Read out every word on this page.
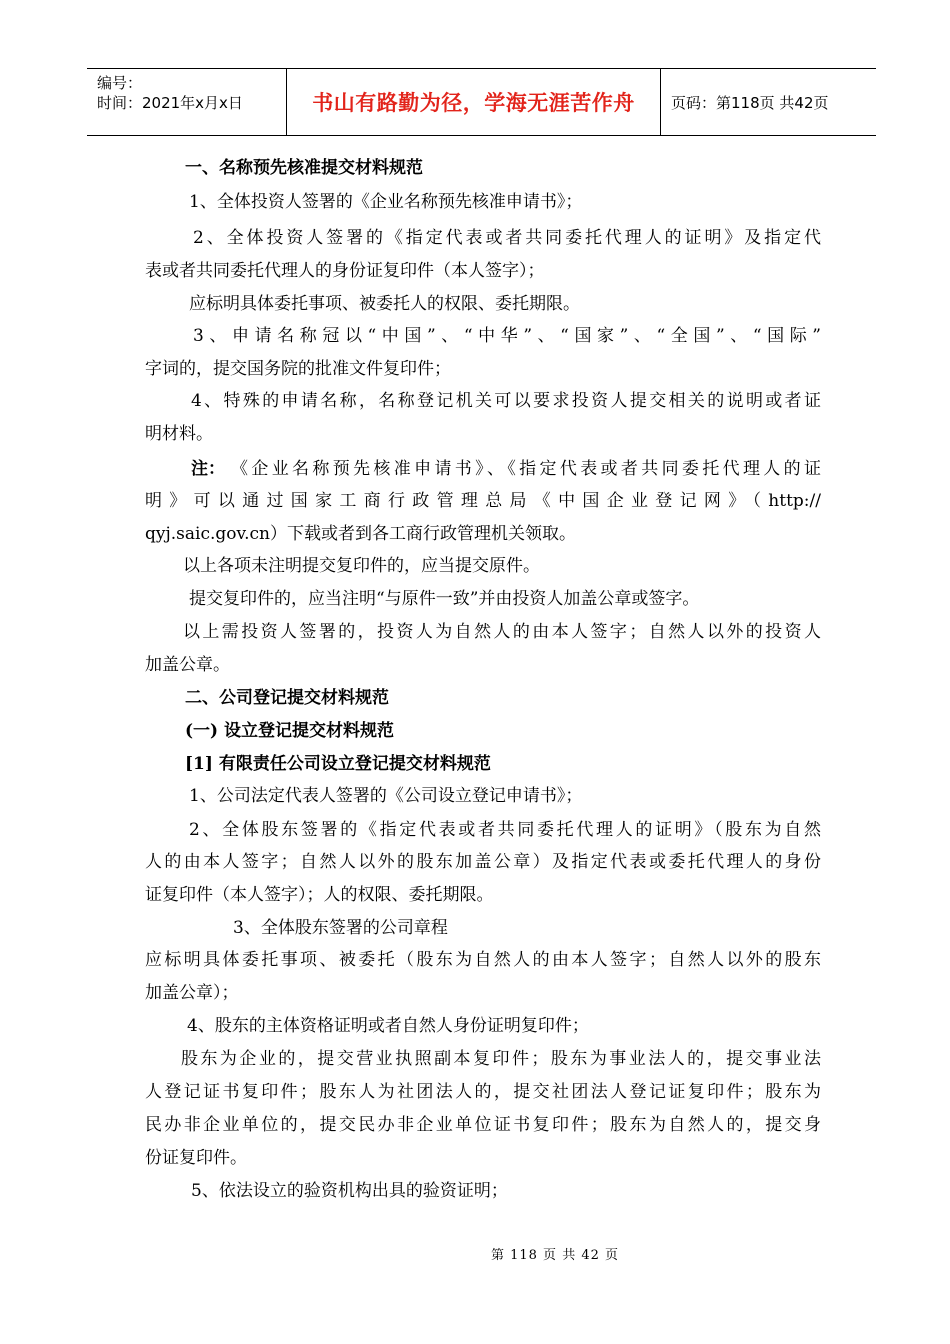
编号：
时间：2021年x月x日	书山有路勤为径，学海无涯苦作舟 页码：第118页 共42页
一、名称预先核准提交材料规范
1、全体投资人签署的《企业名称预先核准申请书》；
2、全体投资人签署的《指定代表或者共同委托代理人的证明》及指定代
表或者共同委托代理人的身份证复印件（本人签字）；
应标明具体委托事项、被委托人的权限、委托期限。
3、申请名称冠以“中国”、“中华”、“国家”、“全国”、“国际”
字词的，提交国务院的批准文件复印件；
4、特殊的申请名称，名称登记机关可以要求投资人提交相关的说明或者证
明材料。
注： 《企业名称预先核准申请书》、《指定代表或者共同委托代理人的证
明》可以通过国家工商行政管理总局《中国企业登记网》（http://
qyj.saic.gov.cn）下载或者到各工商行政管理机关领取。
以上各项未注明提交复印件的，应当提交原件。
提交复印件的，应当注明“与原件一致”并由投资人加盖公章或签字。
以上需投资人签署的，投资人为自然人的由本人签字；自然人以外的投资人
加盖公章。
二、公司登记提交材料规范
(一) 设立登记提交材料规范
[1] 有限责任公司设立登记提交材料规范
1、公司法定代表人签署的《公司设立登记申请书》；
2、全体股东签署的《指定代表或者共同委托代理人的证明》（股东为自然
人的由本人签字；自然人以外的股东加盖公章）及指定代表或委托代理人的身份
证复印件（本人签字）；人的权限、委托期限。
3、全体股东签署的公司章程
应标明具体委托事项、被委托（股东为自然人的由本人签字；自然人以外的股东
加盖公章）；
4、股东的主体资格证明或者自然人身份证明复印件；
股东为企业的，提交营业执照副本复印件；股东为事业法人的，提交事业法
人登记证书复印件；股东人为社团法人的，提交社团法人登记证复印件；股东为
民办非企业单位的，提交民办非企业单位证书复印件；股东为自然人的，提交身
份证复印件。
5、依法设立的验资机构出具的验资证明；
第 118 页 共 42 页
